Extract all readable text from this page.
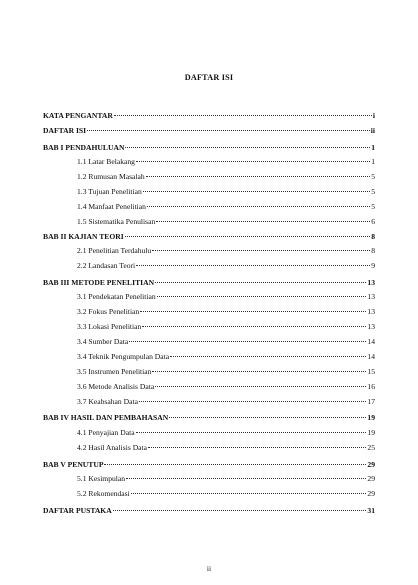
DAFTAR ISI
KATA PENGANTAR	i
DAFTAR ISI	ii
BAB I PENDAHULUAN	1
1.1 Latar Belakang	1
1.2 Rumusan Masalah	5
1.3 Tujuan Penelitian	5
1.4 Manfaat Penelitian	5
1.5 Sistematika Penulisan	6
BAB II KAJIAN TEORI	8
2.1 Penelitian Terdahulu	8
2.2 Landasan Teori	9
BAB III METODE PENELITIAN	13
3.1 Pendekatan Penelitian	13
3.2 Fokus Penelitian	13
3.3 Lokasi Penelitian	13
3.4 Sumber Data	14
3.4 Teknik Pengumpulan Data	14
3.5 Instrumen Penelitian	15
3.6 Metode Analisis Data	16
3.7 Keabsahan Data	17
BAB IV HASIL DAN PEMBAHASAN	19
4.1 Penyajian Data	19
4.2 Hasil Analisis Data	25
BAB V PENUTUP	29
5.1 Kesimpulan	29
5.2 Rekomendasi	29
DAFTAR PUSTAKA	31
ii
